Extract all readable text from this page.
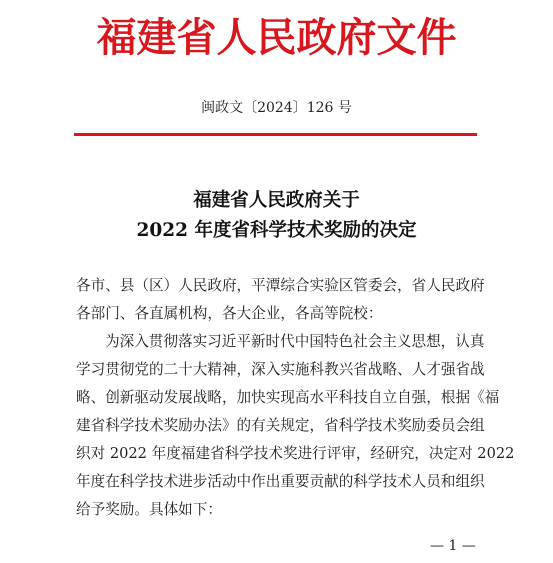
福建省人民政府文件
闽政文〔2024〕126 号
福建省人民政府关于
2022 年度省科学技术奖励的决定
各市、县（区）人民政府，平潭综合实验区管委会，省人民政府
各部门、各直属机构，各大企业，各高等院校：
为深入贯彻落实习近平新时代中国特色社会主义思想，认真
学习贯彻党的二十大精神，深入实施科教兴省战略、人才强省战
略、创新驱动发展战略，加快实现高水平科技自立自强，根据《福
建省科学技术奖励办法》的有关规定，省科学技术奖励委员会组
织对 2022 年度福建省科学技术奖进行评审，经研究，决定对 2022
年度在科学技术进步活动中作出重要贡献的科学技术人员和组织
给予奖励。具体如下：
— 1 —
